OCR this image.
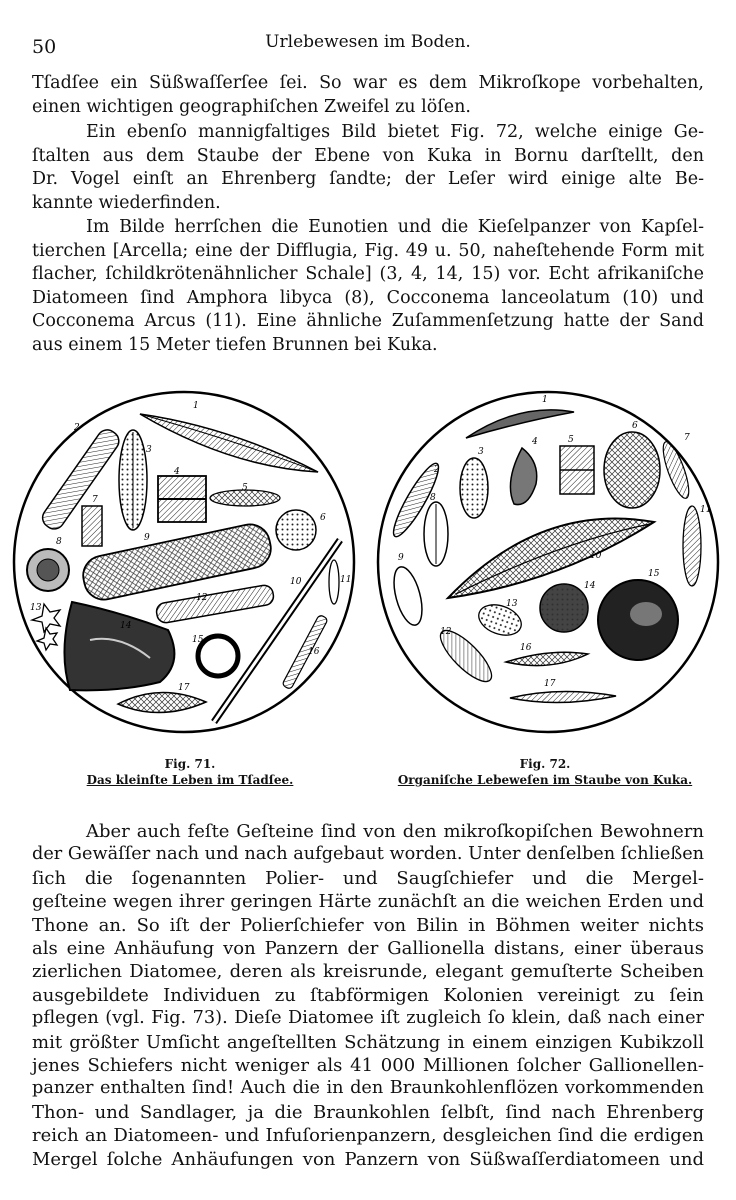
50	Urlebewesen im Boden.

Tſadſee ein Süßwaſſerſee ſei. So war es dem Mikroſkope vorbehalten,
einen wichtigen geographiſchen Zweifel zu löſen.

Ein ebenſo mannigfaltiges Bild bietet Fig. 72, welche einige Ge-
ſtalten aus dem Staube der Ebene von Kuka in Bornu darſtellt, den
Dr. Vogel einſt an Ehrenberg ſandte; der Leſer wird einige alte Be-
kannte wiederfinden.

Im Bilde herrſchen die Eunotien und die Kieſelpanzer von Kapſel-
tierchen [Arcella; eine der Difflugia, Fig. 49 u. 50, naheſtehende Form mit
flacher, ſchildkrötenähnlicher Schale] (3, 4, 14, 15) vor. Echt afrikaniſche
Diatomeen ſind Amphora libyca (8), Cocconema lanceolatum (10) und
Cocconema Arcus (11). Eine ähnliche Zuſammenſetzung hatte der Sand
aus einem 15 Meter tiefen Brunnen bei Kuka.

1
2
3
4
5
6
7
8	9
10	11
12
13
14
15
16
17
1
2
3
4	5
6
7
8
9	10
11
12
13
14
15
16
17
Fig. 71.
Das kleinſte Leben im Tſadſee.
Fig. 72.
Organiſche Lebeweſen im Staube von Kuka.

Aber auch feſte Geſteine ſind von den mikroſkopiſchen Bewohnern
der Gewäſſer nach und nach aufgebaut worden. Unter denſelben ſchließen
ſich die ſogenannten Polier- und Saugſchiefer und die Mergel-
geſteine wegen ihrer geringen Härte zunächſt an die weichen Erden und
Thone an. So iſt der Polierſchiefer von Bilin in Böhmen weiter nichts
als eine Anhäufung von Panzern der Gallionella distans, einer überaus
zierlichen Diatomee, deren als kreisrunde, elegant gemuſterte Scheiben
ausgebildete Individuen zu ſtabförmigen Kolonien vereinigt zu ſein
pflegen (vgl. Fig. 73). Dieſe Diatomee iſt zugleich ſo klein, daß nach einer
mit größter Umſicht angeſtellten Schätzung in einem einzigen Kubikzoll
jenes Schiefers nicht weniger als 41 000 Millionen ſolcher Gallionellen-
panzer enthalten ſind! Auch die in den Braunkohlenflözen vorkommenden
Thon- und Sandlager, ja die Braunkohlen ſelbſt, ſind nach Ehrenberg
reich an Diatomeen- und Infuſorienpanzern, desgleichen ſind die erdigen
Mergel ſolche Anhäufungen von Panzern von Süßwaſſerdiatomeen und
